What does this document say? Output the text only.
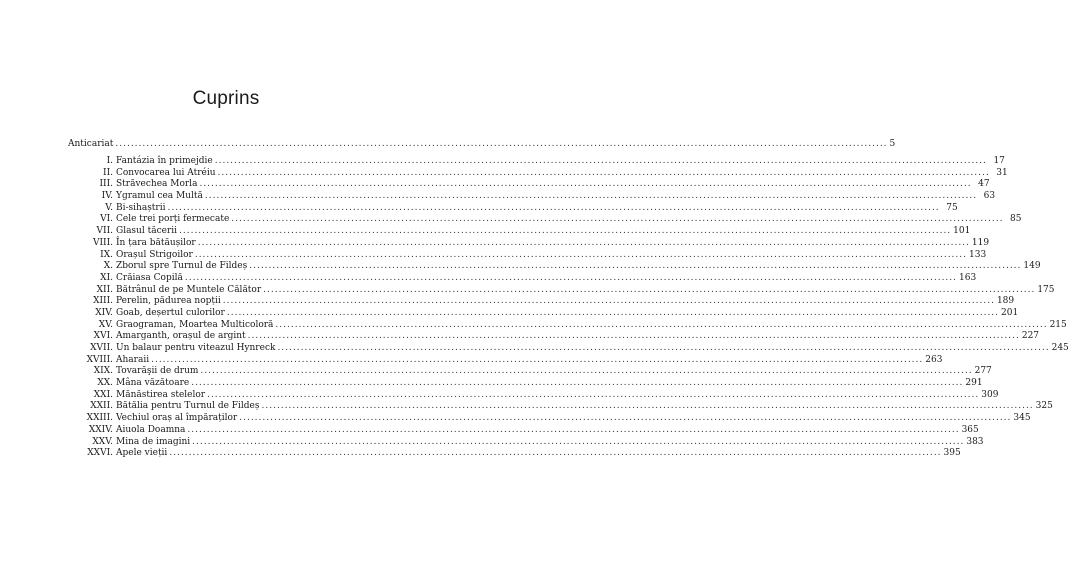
Cuprins
Anticariat ........................................................................................................................................................................................................ 5
I. Fantázia în primejdie ........................................................................................................................................................................................................ 17
II. Convocarea lui Atréiu ........................................................................................................................................................................................................ 31
III. Străvechea Morla ........................................................................................................................................................................................................ 47
IV. Ygramul cea Multă ........................................................................................................................................................................................................ 63
V. Bi-sihaștrii ........................................................................................................................................................................................................ 75
VI. Cele trei porți fermecate ........................................................................................................................................................................................................ 85
VII. Glasul tăcerii ........................................................................................................................................................................................................ 101
VIII. În țara bătăușilor ........................................................................................................................................................................................................ 119
IX. Orașul Strigoilor ........................................................................................................................................................................................................ 133
X. Zborul spre Turnul de Fildeș ........................................................................................................................................................................................................ 149
XI. Crăiasa Copilă ........................................................................................................................................................................................................ 163
XII. Bătrânul de pe Muntele Călător ........................................................................................................................................................................................................ 175
XIII. Perelin, pădurea nopții ........................................................................................................................................................................................................ 189
XIV. Goab, deșertul culorilor ........................................................................................................................................................................................................ 201
XV. Graograman, Moartea Multicoloră ........................................................................................................................................................................................................ 215
XVI. Amarganth, orașul de argint ........................................................................................................................................................................................................ 227
XVII. Un balaur pentru viteazul Hynreck ........................................................................................................................................................................................................ 245
XVIII. Aharaii ........................................................................................................................................................................................................ 263
XIX. Tovarăşii de drum ........................................................................................................................................................................................................ 277
XX. Mâna văzătoare ........................................................................................................................................................................................................ 291
XXI. Mănăstirea stelelor ........................................................................................................................................................................................................ 309
XXII. Bătălia pentru Turnul de Fildeș ........................................................................................................................................................................................................ 325
XXIII. Vechiul oraș al împăraților ........................................................................................................................................................................................................ 345
XXIV. Aiuola Doamna ........................................................................................................................................................................................................ 365
XXV. Mina de imagini ........................................................................................................................................................................................................ 383
XXVI. Apele vieții ........................................................................................................................................................................................................ 395
